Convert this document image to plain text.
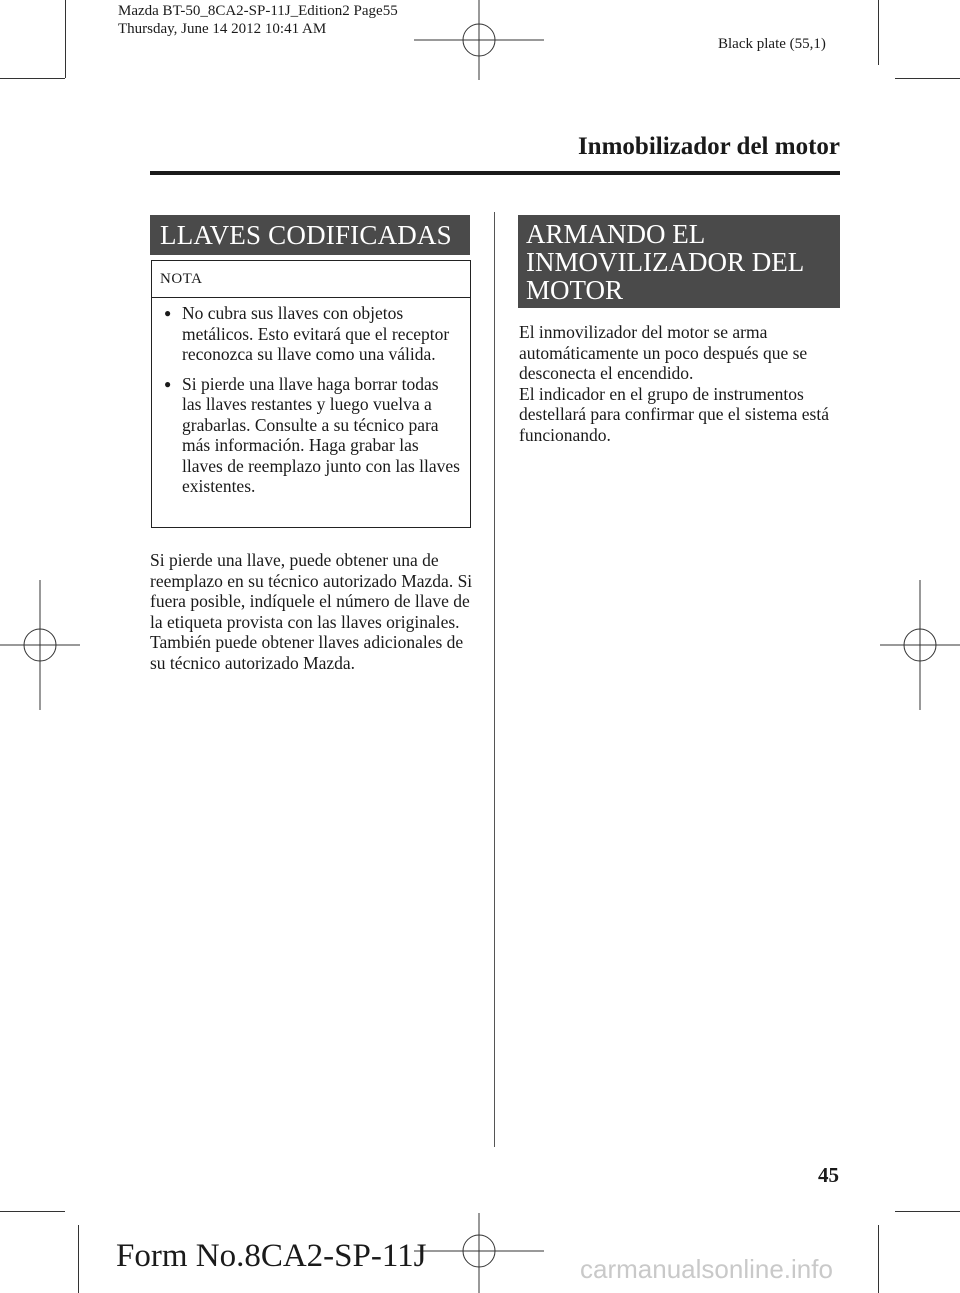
Mazda BT-50_8CA2-SP-11J_Edition2 Page55
Thursday, June 14 2012 10:41 AM
Black plate (55,1)
Inmobilizador del motor
LLAVES CODIFICADAS
NOTA
● No cubra sus llaves con objetos metálicos. Esto evitará que el receptor reconozca su llave como una válida.
● Si pierde una llave haga borrar todas las llaves restantes y luego vuelva a grabarlas. Consulte a su técnico para más información. Haga grabar las llaves de reemplazo junto con las llaves existentes.
Si pierde una llave, puede obtener una de reemplazo en su técnico autorizado Mazda. Si fuera posible, indíquele el número de llave de la etiqueta provista con las llaves originales. También puede obtener llaves adicionales de su técnico autorizado Mazda.
ARMANDO EL
INMOVILIZADOR DEL
MOTOR
El inmovilizador del motor se arma automáticamente un poco después que se desconecta el encendido.
El indicador en el grupo de instrumentos destellará para confirmar que el sistema está funcionando.
45
Form No.8CA2-SP-11J	carmanualsonline.info
